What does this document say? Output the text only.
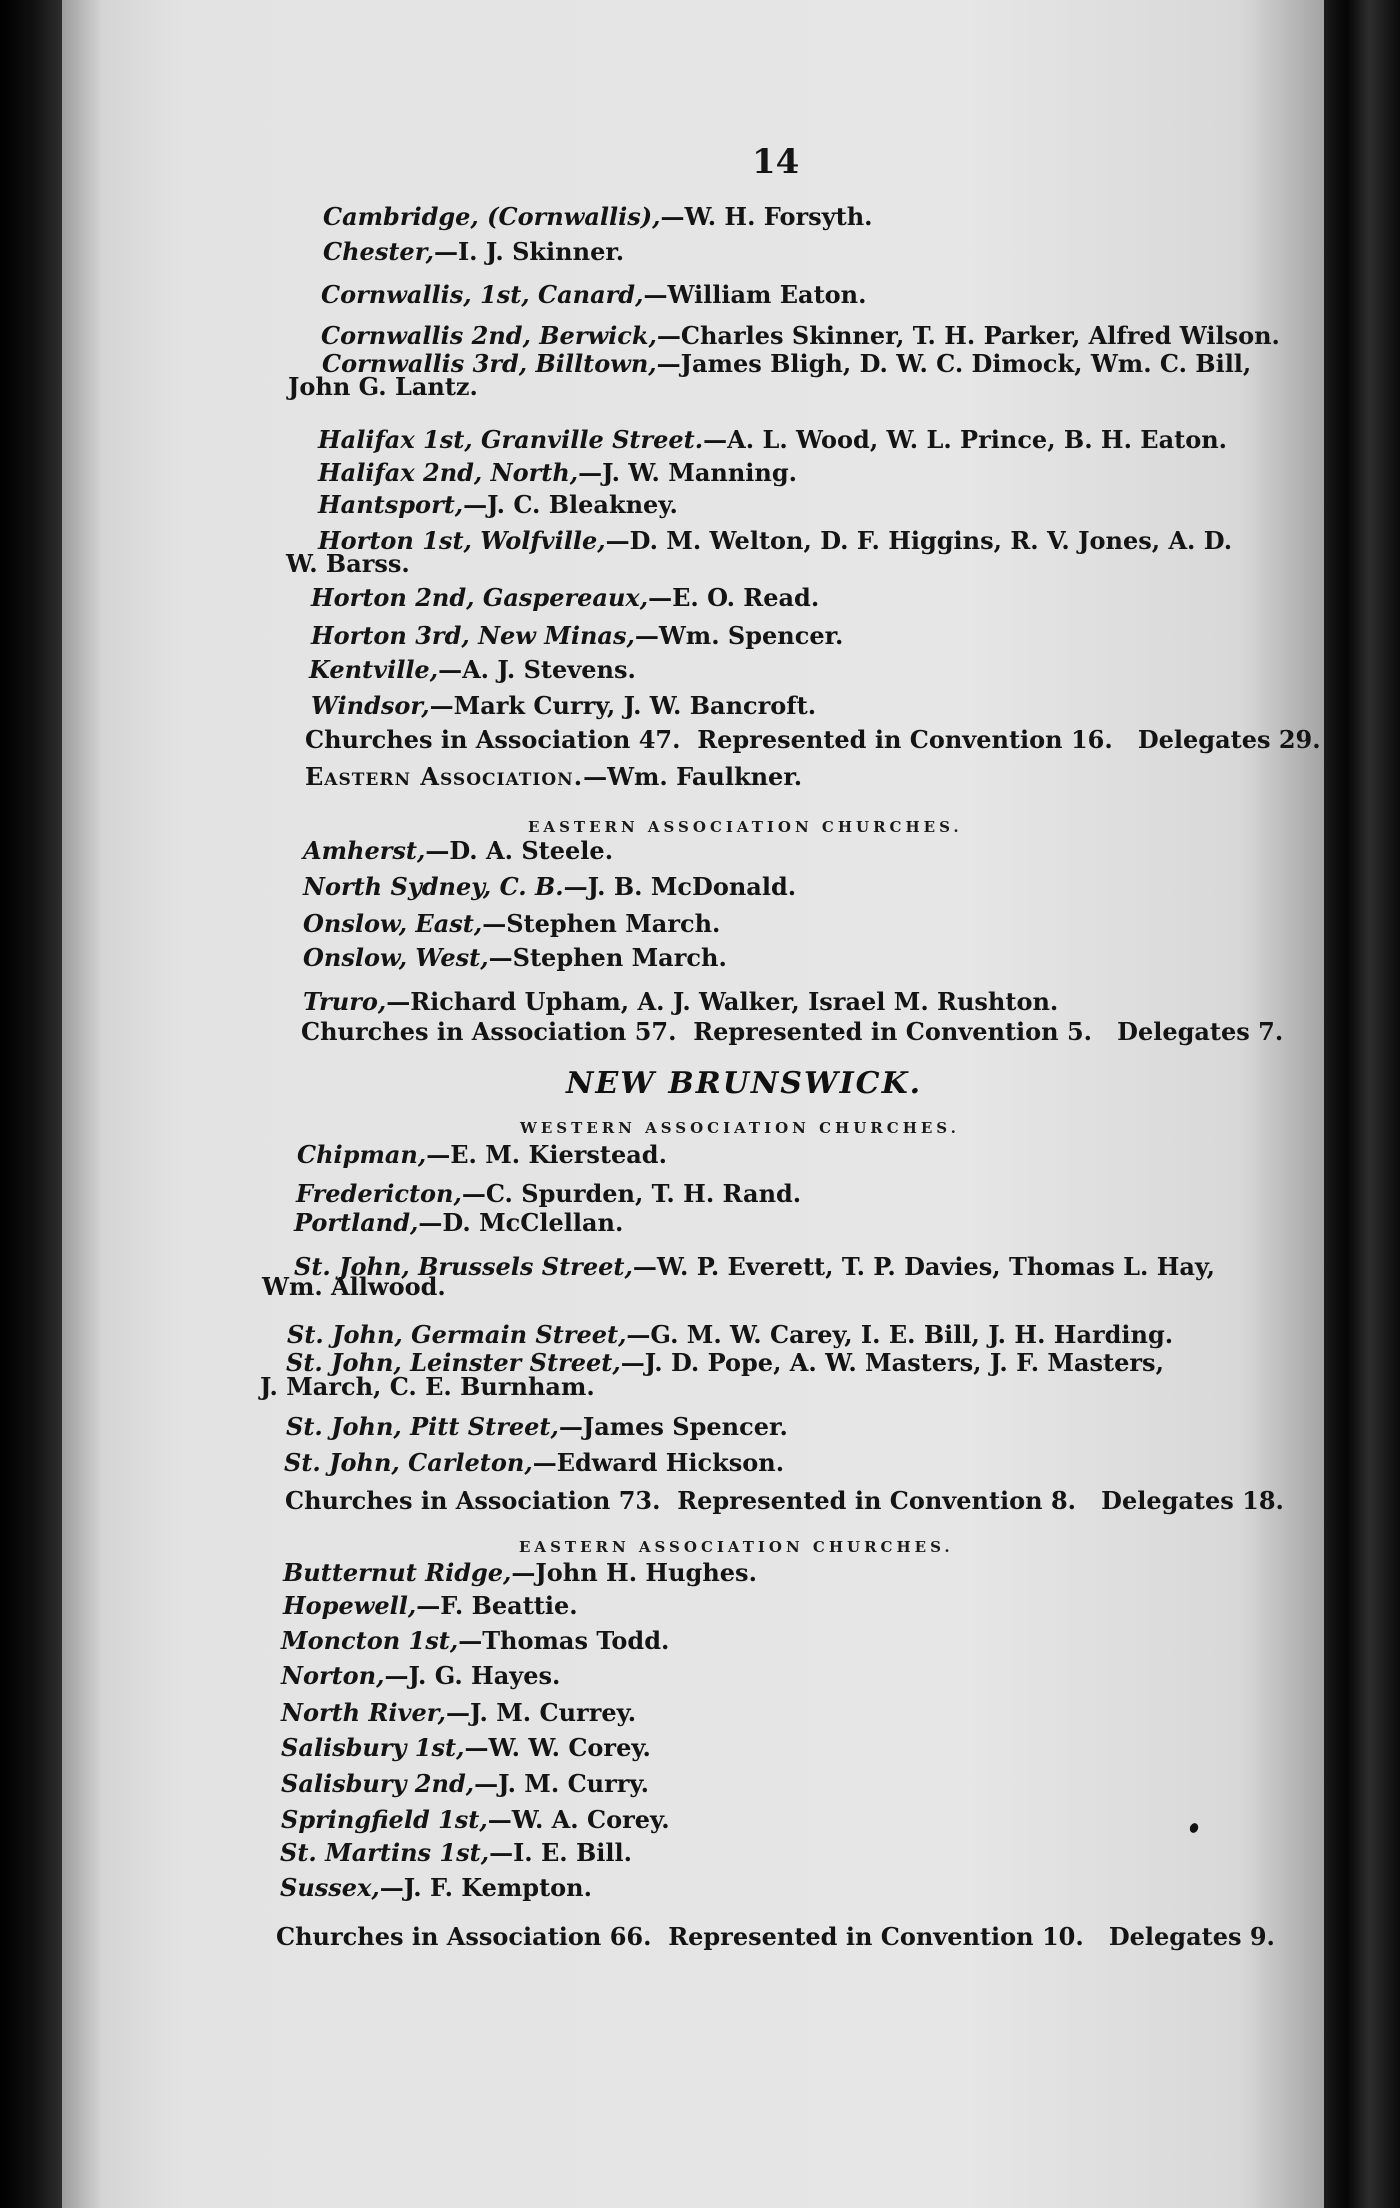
14
Cambridge, (Cornwallis),—W. H. Forsyth.
Chester,—I. J. Skinner.
Cornwallis, 1st, Canard,—William Eaton.
Cornwallis 2nd, Berwick,—Charles Skinner, T. H. Parker, Alfred Wilson.
Cornwallis 3rd, Billtown,—James Bligh, D. W. C. Dimock, Wm. C. Bill,
John G. Lantz.
Halifax 1st, Granville Street.—A. L. Wood, W. L. Prince, B. H. Eaton.
Halifax 2nd, North,—J. W. Manning.
Hantsport,—J. C. Bleakney.
Horton 1st, Wolfville,—D. M. Welton, D. F. Higgins, R. V. Jones, A. D.
W. Barss.
Horton 2nd, Gaspereaux,—E. O. Read.
Horton 3rd, New Minas,—Wm. Spencer.
Kentville,—A. J. Stevens.
Windsor,—Mark Curry, J. W. Bancroft.
Churches in Association 47. Represented in Convention 16. Delegates 29.
Eastern Association.—Wm. Faulkner.
EASTERN ASSOCIATION CHURCHES.
Amherst,—D. A. Steele.
North Sydney, C. B.—J. B. McDonald.
Onslow, East,—Stephen March.
Onslow, West,—Stephen March.
Truro,—Richard Upham, A. J. Walker, Israel M. Rushton.
Churches in Association 57. Represented in Convention 5. Delegates 7.
NEW BRUNSWICK.
WESTERN ASSOCIATION CHURCHES.
Chipman,—E. M. Kierstead.
Fredericton,—C. Spurden, T. H. Rand.
Portland,—D. McClellan.
St. John, Brussels Street,—W. P. Everett, T. P. Davies, Thomas L. Hay,
Wm. Allwood.
St. John, Germain Street,—G. M. W. Carey, I. E. Bill, J. H. Harding.
St. John, Leinster Street,—J. D. Pope, A. W. Masters, J. F. Masters,
J. March, C. E. Burnham.
St. John, Pitt Street,—James Spencer.
St. John, Carleton,—Edward Hickson.
Churches in Association 73. Represented in Convention 8. Delegates 18.
EASTERN ASSOCIATION CHURCHES.
Butternut Ridge,—John H. Hughes.
Hopewell,—F. Beattie.
Moncton 1st,—Thomas Todd.
Norton,—J. G. Hayes.
North River,—J. M. Currey.
Salisbury 1st,—W. W. Corey.
Salisbury 2nd,—J. M. Curry.
Springfield 1st,—W. A. Corey.
St. Martins 1st,—I. E. Bill.
Sussex,—J. F. Kempton.
Churches in Association 66. Represented in Convention 10. Delegates 9.
